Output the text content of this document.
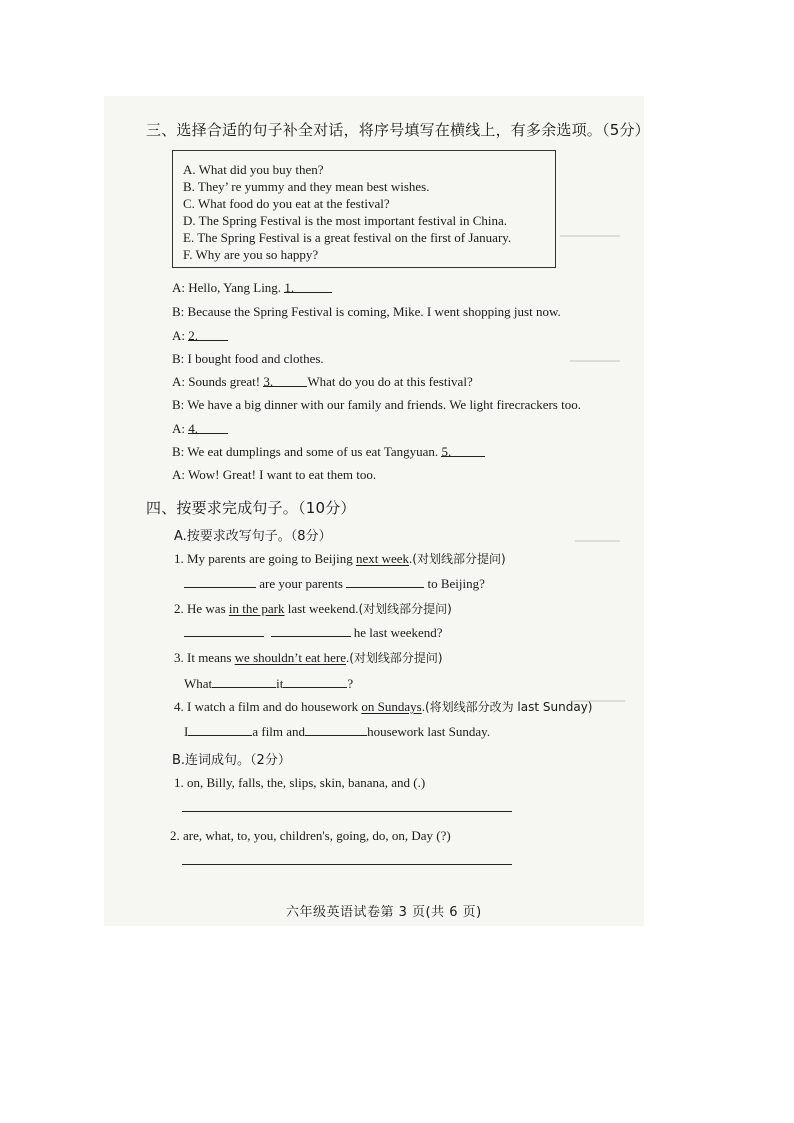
三、选择合适的句子补全对话，将序号填写在横线上，有多余选项。（5分）
A. What did you buy then?
B. They’ re yummy and they mean best wishes.
C. What food do you eat at the festival?
D. The Spring Festival is the most important festival in China.
E. The Spring Festival is a great festival on the first of January.
F. Why are you so happy?
A: Hello, Yang Ling. 1.
B: Because the Spring Festival is coming, Mike. I went shopping just now.
A: 2.
B: I bought food and clothes.
A: Sounds great! 3.	What do you do at this festival?
B: We have a big dinner with our family and friends. We light firecrackers too.
A: 4.
B: We eat dumplings and some of us eat Tangyuan. 5.
A: Wow! Great! I want to eat them too.
四、按要求完成句子。（10分）
A.按要求改写句子。（8分）
1. My parents are going to Beijing next week.(对划线部分提问)
are your parents	to Beijing?
2. He was in the park last weekend.(对划线部分提问)
he last weekend?
3. It means we shouldn’t eat here.(对划线部分提问)
What	it	?
4. I watch a film and do housework on Sundays.(将划线部分改为 last Sunday)
I	a film and	housework last Sunday.
B.连词成句。（2分）
1. on, Billy, falls, the, slips, skin, banana, and (.)
2. are, what, to, you, children's, going, do, on, Day (?)
六年级英语试卷第 3 页(共 6 页)
